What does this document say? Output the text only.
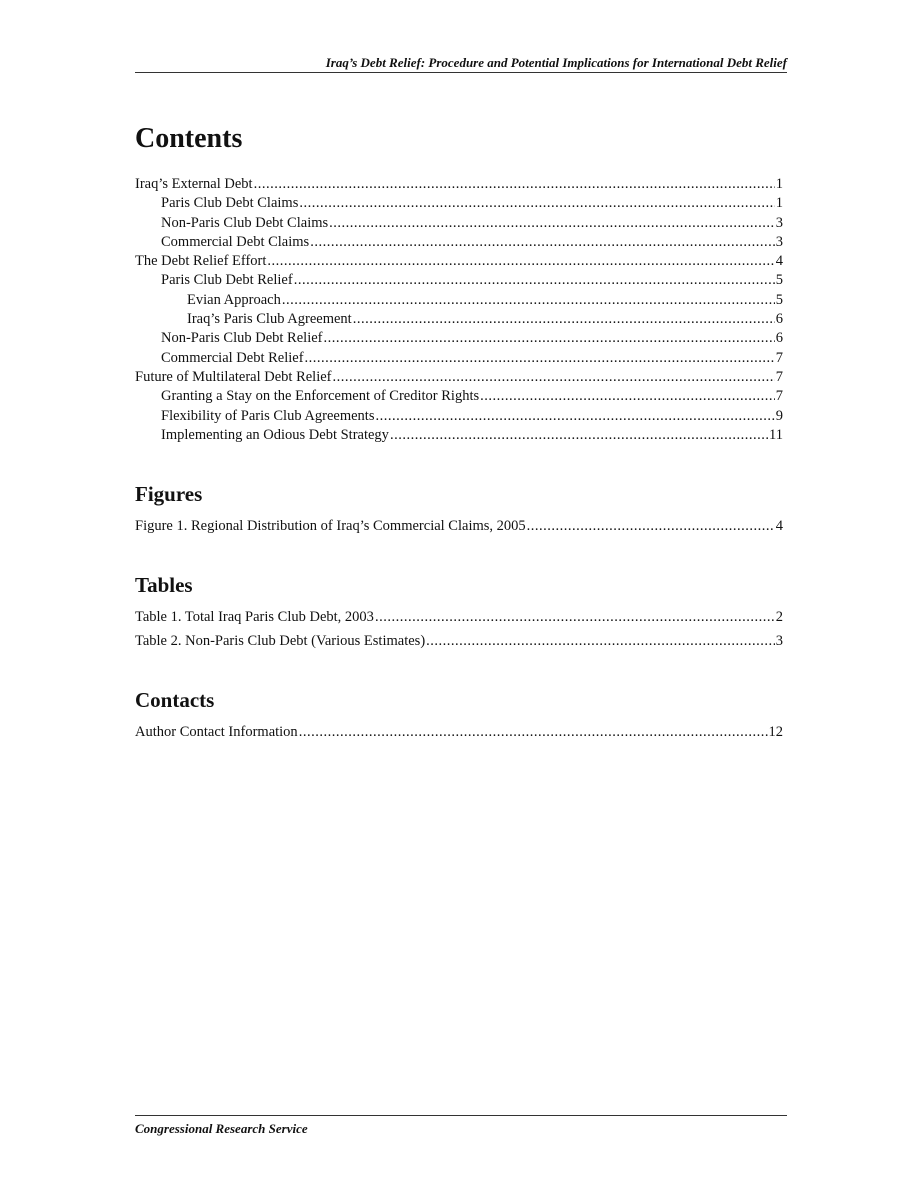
Iraq’s Debt Relief: Procedure and Potential Implications for International Debt Relief
Contents
Iraq’s External Debt .....	1
Paris Club Debt Claims .....	1
Non-Paris Club Debt Claims .....	3
Commercial Debt Claims .....	3
The Debt Relief Effort .....	4
Paris Club Debt Relief .....	5
Evian Approach .....	5
Iraq’s Paris Club Agreement .....	6
Non-Paris Club Debt Relief .....	6
Commercial Debt Relief .....	7
Future of Multilateral Debt Relief .....	7
Granting a Stay on the Enforcement of Creditor Rights .....	7
Flexibility of Paris Club Agreements .....	9
Implementing an Odious Debt Strategy .....	11
Figures
Figure 1. Regional Distribution of Iraq’s Commercial Claims, 2005 .....	4
Tables
Table 1. Total Iraq Paris Club Debt, 2003 .....	2
Table 2. Non-Paris Club Debt (Various Estimates) .....	3
Contacts
Author Contact Information .....	12
Congressional Research Service
